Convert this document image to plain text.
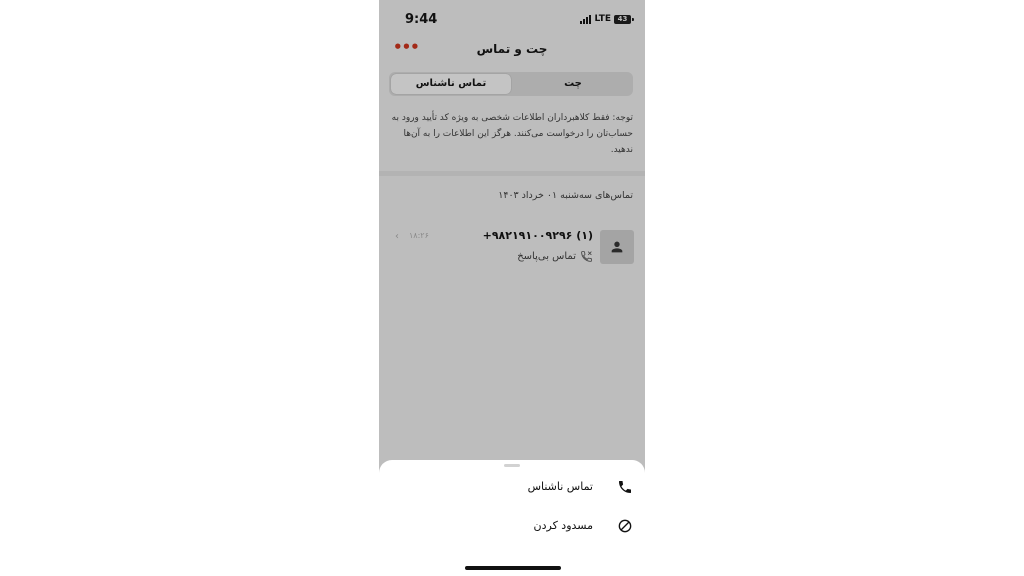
9:44	LTE 43
•••	چت و تماس
تماس ناشناس	چت
توجه: فقط کلاهبرداران اطلاعات شخصی به ویژه کد تأیید ورود به حساب‌تان را درخواست می‌کنند. هرگز این اطلاعات را به آن‌ها ندهید.
تماس‌های سه‌شنبه ۰۱ خرداد ۱۴۰۳
+۹۸۲۱۹۱۰۰۹۲۹۶ (۱)
تماس بی‌پاسخ
۱۸:۲۶
‹
تماس ناشناس
مسدود کردن
